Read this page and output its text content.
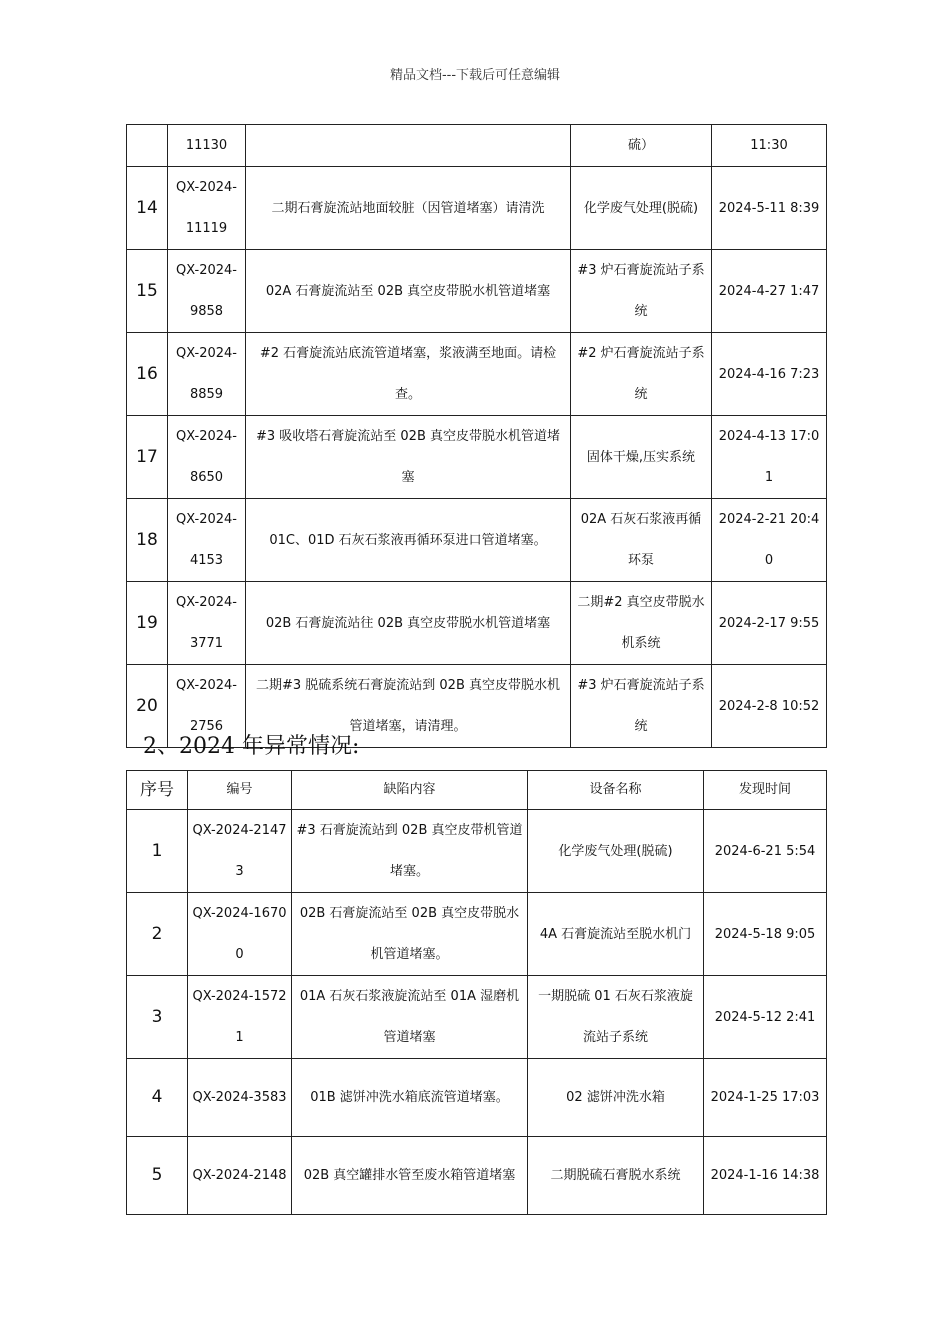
精品文档---下载后可任意编辑
	11130		硫）	11:30
14	QX-2024-11119	二期石膏旋流站地面较脏（因管道堵塞）请清洗	化学废气处理(脱硫)	2024-5-11 8:39
15	QX-2024-9858	02A 石膏旋流站至 02B 真空皮带脱水机管道堵塞	#3 炉石膏旋流站子系统	2024-4-27 1:47
16	QX-2024-8859	#2 石膏旋流站底流管道堵塞，浆液满至地面。请检查。	#2 炉石膏旋流站子系统	2024-4-16 7:23
17	QX-2024-8650	#3 吸收塔石膏旋流站至 02B 真空皮带脱水机管道堵塞	固体干燥,压实系统	2024-4-13 17:01
18	QX-2024-4153	01C、01D 石灰石浆液再循环泵进口管道堵塞。	02A 石灰石浆液再循环泵	2024-2-21 20:40
19	QX-2024-3771	02B 石膏旋流站往 02B 真空皮带脱水机管道堵塞	二期#2 真空皮带脱水机系统	2024-2-17 9:55
20	QX-2024-2756	二期#3 脱硫系统石膏旋流站到 02B 真空皮带脱水机管道堵塞，请清理。	#3 炉石膏旋流站子系统	2024-2-8 10:52
2、2024 年异常情况:
序号	编号	缺陷内容	设备名称	发现时间
1	QX-2024-21473	#3 石膏旋流站到 02B 真空皮带机管道堵塞。	化学废气处理(脱硫)	2024-6-21 5:54
2	QX-2024-16700	02B 石膏旋流站至 02B 真空皮带脱水机管道堵塞。	4A 石膏旋流站至脱水机门	2024-5-18 9:05
3	QX-2024-15721	01A 石灰石浆液旋流站至 01A 湿磨机管道堵塞	一期脱硫 01 石灰石浆液旋流站子系统	2024-5-12 2:41
4	QX-2024-3583	01B 滤饼冲洗水箱底流管道堵塞。	02 滤饼冲洗水箱	2024-1-25 17:03
5	QX-2024-2148	02B 真空罐排水管至废水箱管道堵塞	二期脱硫石膏脱水系统	2024-1-16 14:38
